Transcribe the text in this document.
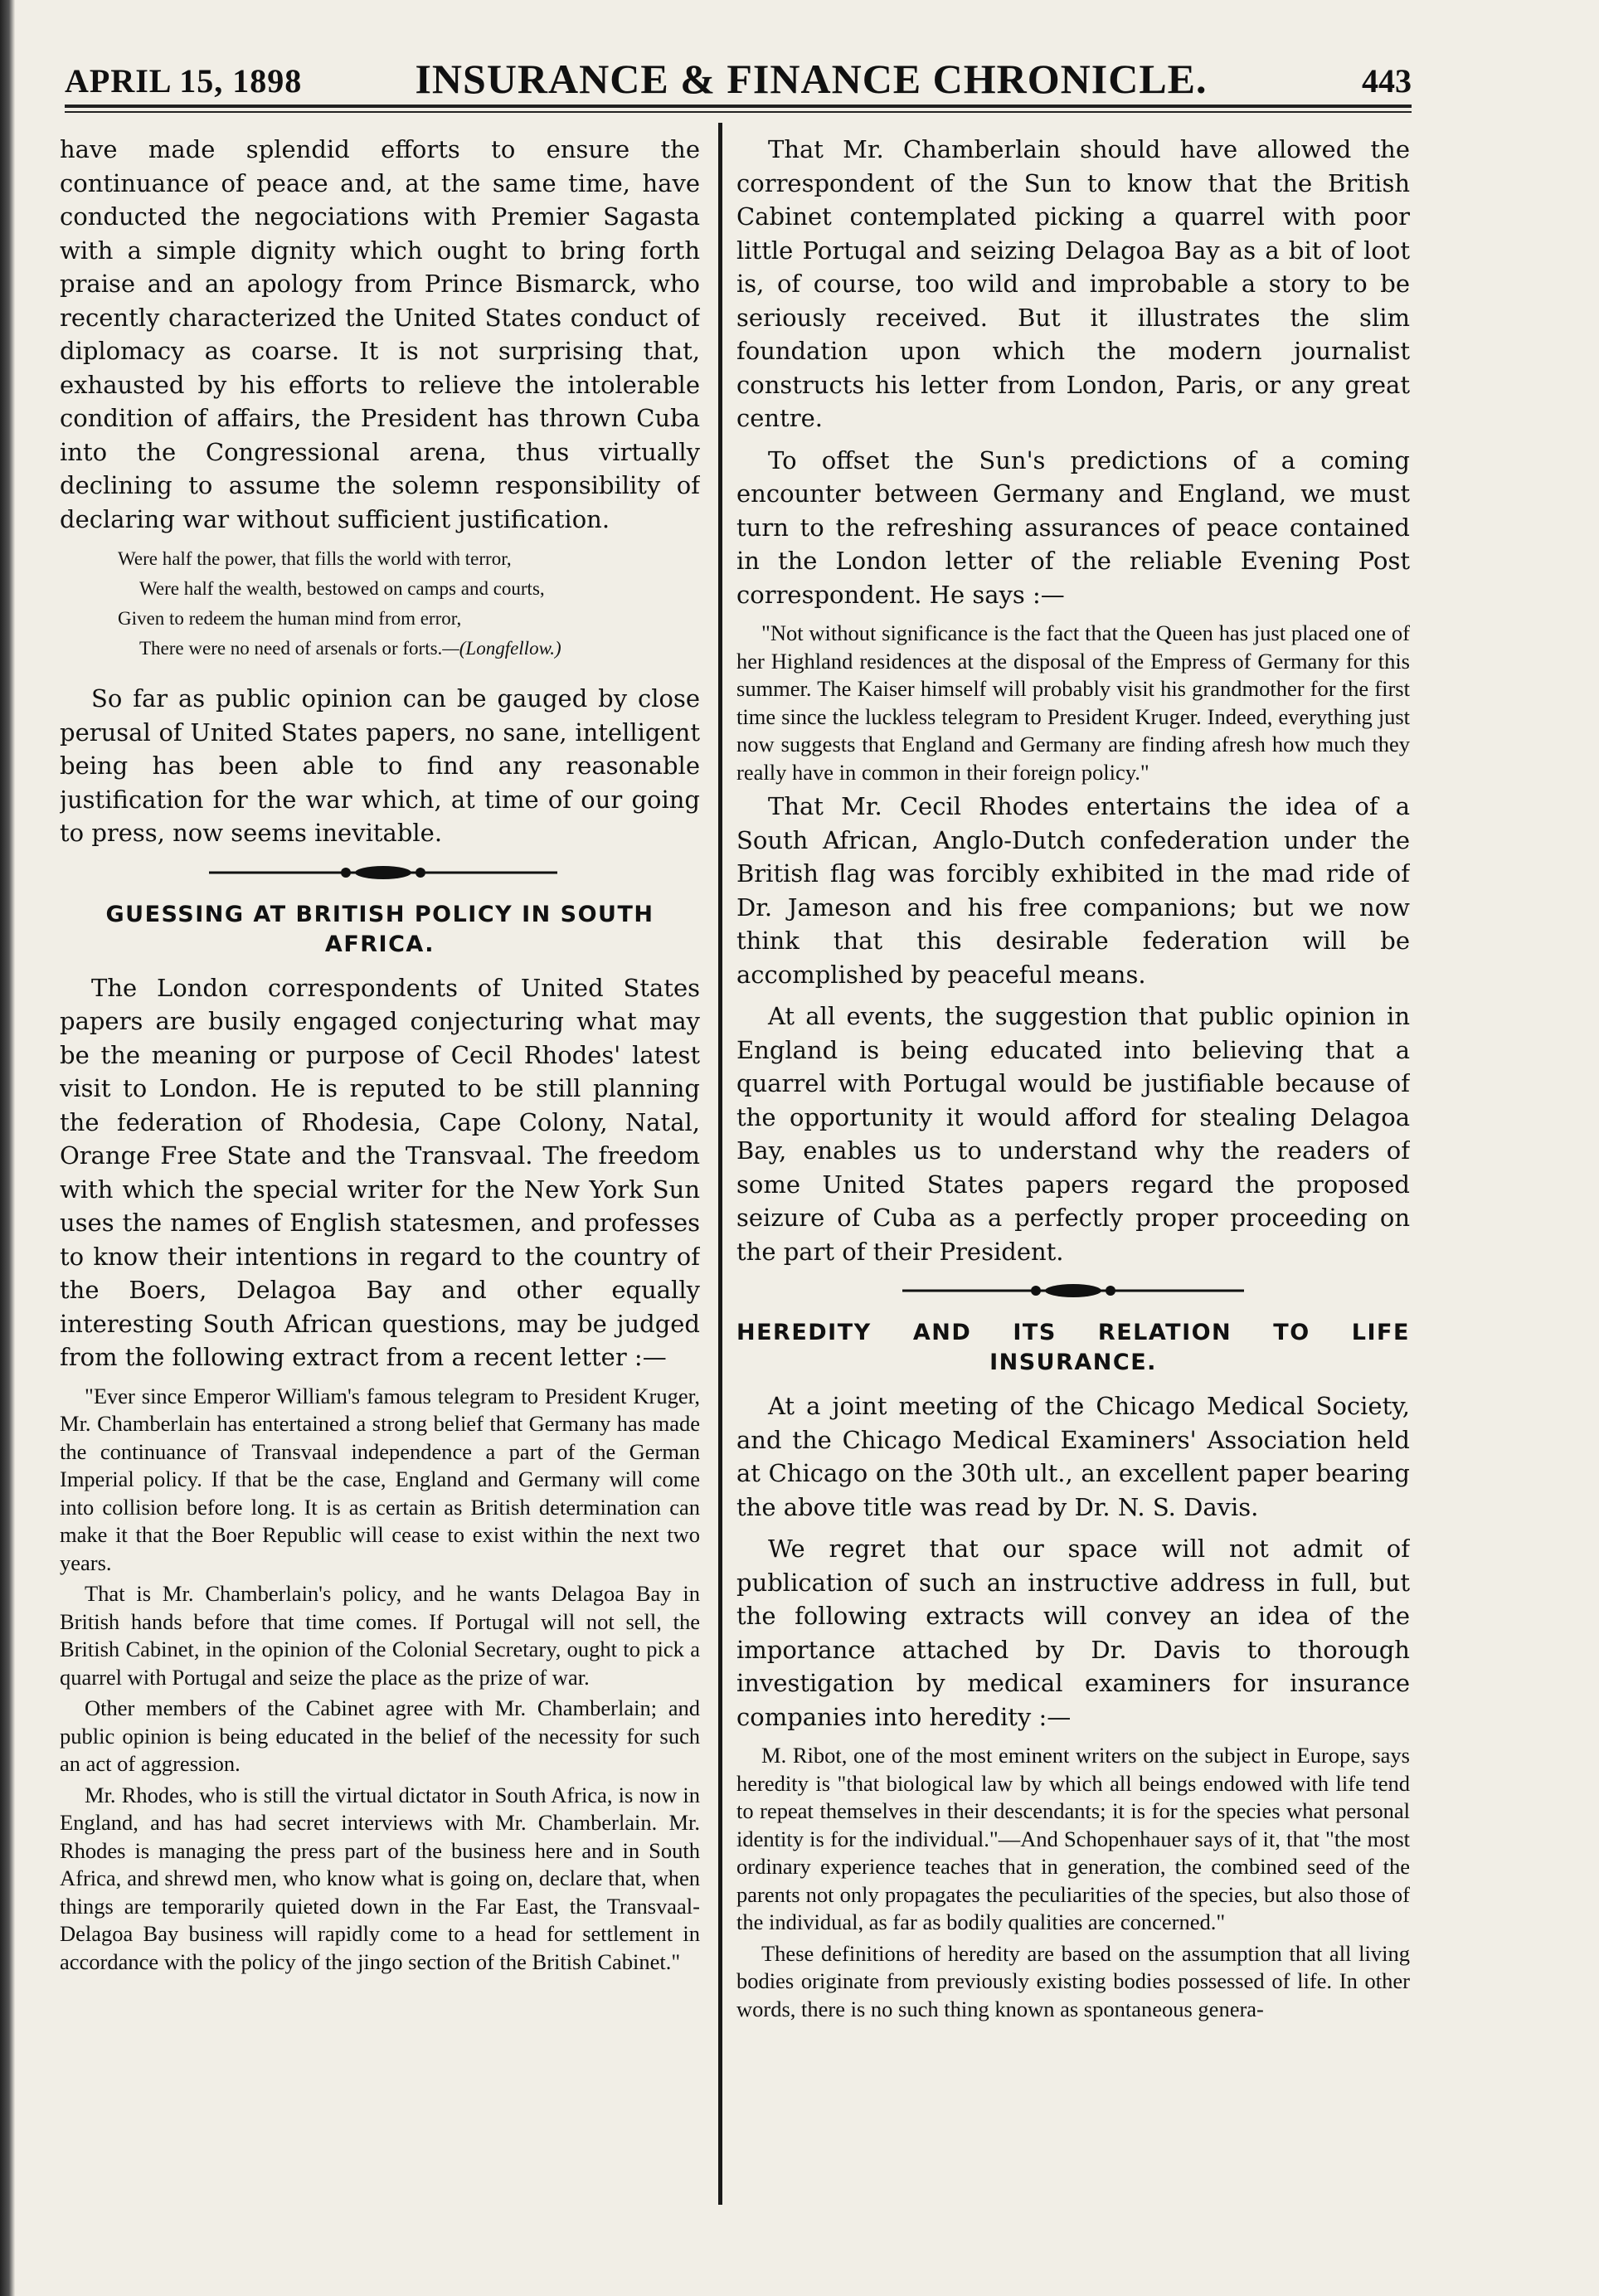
APRIL 15, 1898	INSURANCE & FINANCE CHRONICLE.	443

have made splendid efforts to ensure the continuance of peace and, at the same time, have conducted the negociations with Premier Sagasta with a simple dignity which ought to bring forth praise and an apology from Prince Bismarck, who recently characterized the United States conduct of diplomacy as coarse. It is not surprising that, exhausted by his efforts to relieve the intolerable condition of affairs, the President has thrown Cuba into the Congressional arena, thus virtually declining to assume the solemn responsibility of declaring war without sufficient justification.

Were half the power, that fills the world with terror,
Were half the wealth, bestowed on camps and courts,
Given to redeem the human mind from error,
There were no need of arsenals or forts.—(Longfellow.)

So far as public opinion can be gauged by close perusal of United States papers, no sane, intelligent being has been able to find any reasonable justification for the war which, at time of our going to press, now seems inevitable.

GUESSING AT BRITISH POLICY IN SOUTH
AFRICA.

The London correspondents of United States papers are busily engaged conjecturing what may be the meaning or purpose of Cecil Rhodes' latest visit to London. He is reputed to be still planning the federation of Rhodesia, Cape Colony, Natal, Orange Free State and the Transvaal. The freedom with which the special writer for the New York Sun uses the names of English statesmen, and professes to know their intentions in regard to the country of the Boers, Delagoa Bay and other equally interesting South African questions, may be judged from the following extract from a recent letter :—

"Ever since Emperor William's famous telegram to President Kruger, Mr. Chamberlain has entertained a strong belief that Germany has made the continuance of Transvaal independence a part of the German Imperial policy. If that be the case, England and Germany will come into collision before long. It is as certain as British determination can make it that the Boer Republic will cease to exist within the next two years.

That is Mr. Chamberlain's policy, and he wants Delagoa Bay in British hands before that time comes. If Portugal will not sell, the British Cabinet, in the opinion of the Colonial Secretary, ought to pick a quarrel with Portugal and seize the place as the prize of war.

Other members of the Cabinet agree with Mr. Chamberlain; and public opinion is being educated in the belief of the necessity for such an act of aggression.

Mr. Rhodes, who is still the virtual dictator in South Africa, is now in England, and has had secret interviews with Mr. Chamberlain. Mr. Rhodes is managing the press part of the business here and in South Africa, and shrewd men, who know what is going on, declare that, when things are temporarily quieted down in the Far East, the Transvaal-Delagoa Bay business will rapidly come to a head for settlement in accordance with the policy of the jingo section of the British Cabinet."

That Mr. Chamberlain should have allowed the correspondent of the Sun to know that the British Cabinet contemplated picking a quarrel with poor little Portugal and seizing Delagoa Bay as a bit of loot is, of course, too wild and improbable a story to be seriously received. But it illustrates the slim foundation upon which the modern journalist constructs his letter from London, Paris, or any great centre.

To offset the Sun's predictions of a coming encounter between Germany and England, we must turn to the refreshing assurances of peace contained in the London letter of the reliable Evening Post correspondent. He says :—

"Not without significance is the fact that the Queen has just placed one of her Highland residences at the disposal of the Empress of Germany for this summer. The Kaiser himself will probably visit his grandmother for the first time since the luckless telegram to President Kruger. Indeed, everything just now suggests that England and Germany are finding afresh how much they really have in common in their foreign policy."

That Mr. Cecil Rhodes entertains the idea of a South African, Anglo-Dutch confederation under the British flag was forcibly exhibited in the mad ride of Dr. Jameson and his free companions; but we now think that this desirable federation will be accomplished by peaceful means.

At all events, the suggestion that public opinion in England is being educated into believing that a quarrel with Portugal would be justifiable because of the opportunity it would afford for stealing Delagoa Bay, enables us to understand why the readers of some United States papers regard the proposed seizure of Cuba as a perfectly proper proceeding on the part of their President.

HEREDITY AND ITS RELATION TO LIFE
INSURANCE.

At a joint meeting of the Chicago Medical Society, and the Chicago Medical Examiners' Association held at Chicago on the 30th ult., an excellent paper bearing the above title was read by Dr. N. S. Davis.

We regret that our space will not admit of publication of such an instructive address in full, but the following extracts will convey an idea of the importance attached by Dr. Davis to thorough investigation by medical examiners for insurance companies into heredity :—

M. Ribot, one of the most eminent writers on the subject in Europe, says heredity is "that biological law by which all beings endowed with life tend to repeat themselves in their descendants; it is for the species what personal identity is for the individual."—And Schopenhauer says of it, that "the most ordinary experience teaches that in generation, the combined seed of the parents not only propagates the peculiarities of the species, but also those of the individual, as far as bodily qualities are concerned."

These definitions of heredity are based on the assumption that all living bodies originate from previously existing bodies possessed of life. In other words, there is no such thing known as spontaneous genera-
